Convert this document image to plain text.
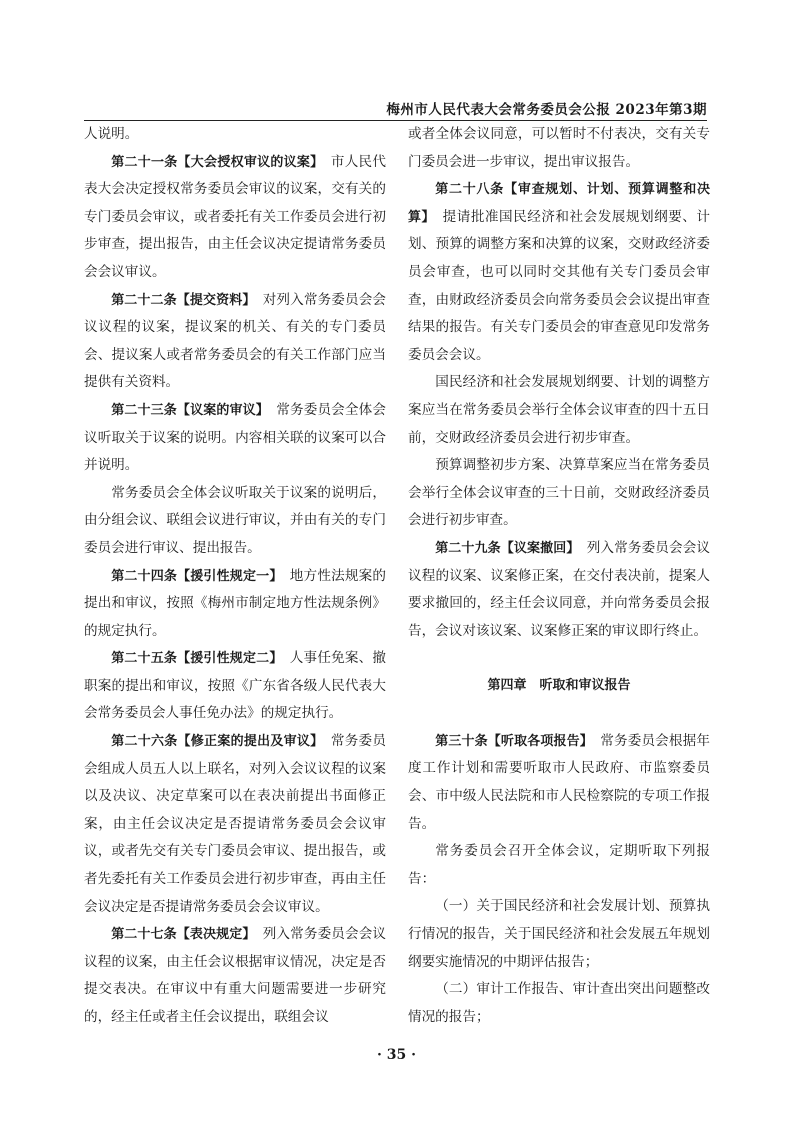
梅州市人民代表大会常务委员会公报 2023年第3期

人说明。

第二十一条【大会授权审议的议案】　 市人民代表大会决定授权常务委员会审议的议案，交有关的专门委员会审议，或者委托有关工作委员会进行初步审查，提出报告，由主任会议决定提请常务委员会会议审议。

第二十二条【提交资料】　 对列入常务委员会会议议程的议案，提议案的机关、有关的专门委员会、提议案人或者常务委员会的有关工作部门应当提供有关资料。

第二十三条【议案的审议】　 常务委员会全体会议听取关于议案的说明。内容相关联的议案可以合并说明。

常务委员会全体会议听取关于议案的说明后，由分组会议、联组会议进行审议，并由有关的专门委员会进行审议、提出报告。

第二十四条【援引性规定一】　 地方性法规案的提出和审议，按照《梅州市制定地方性法规条例》的规定执行。

第二十五条【援引性规定二】　 人事任免案、撤职案的提出和审议，按照《广东省各级人民代表大会常务委员会人事任免办法》的规定执行。

第二十六条【修正案的提出及审议】　 常务委员会组成人员五人以上联名，对列入会议议程的议案以及决议、决定草案可以在表决前提出书面修正案，由主任会议决定是否提请常务委员会会议审议，或者先交有关专门委员会审议、提出报告，或者先委托有关工作委员会进行初步审查，再由主任会议决定是否提请常务委员会会议审议。

第二十七条【表决规定】　 列入常务委员会会议议程的议案，由主任会议根据审议情况，决定是否提交表决。在审议中有重大问题需要进一步研究的，经主任或者主任会议提出，联组会议

或者全体会议同意，可以暂时不付表决，交有关专门委员会进一步审议，提出审议报告。

第二十八条【审查规划、计划、预算调整和决算】　 提请批准国民经济和社会发展规划纲要、计划、预算的调整方案和决算的议案，交财政经济委员会审查，也可以同时交其他有关专门委员会审查，由财政经济委员会向常务委员会会议提出审查结果的报告。有关专门委员会的审查意见印发常务委员会会议。

国民经济和社会发展规划纲要、计划的调整方案应当在常务委员会举行全体会议审查的四十五日前，交财政经济委员会进行初步审查。

预算调整初步方案、决算草案应当在常务委员会举行全体会议审查的三十日前，交财政经济委员会进行初步审查。

第二十九条【议案撤回】　 列入常务委员会会议议程的议案、议案修正案，在交付表决前，提案人要求撤回的，经主任会议同意，并向常务委员会报告，会议对该议案、议案修正案的审议即行终止。

第四章　听取和审议报告

第三十条【听取各项报告】　 常务委员会根据年度工作计划和需要听取市人民政府、市监察委员会、市中级人民法院和市人民检察院的专项工作报告。

常务委员会召开全体会议，定期听取下列报告：

（一）关于国民经济和社会发展计划、预算执行情况的报告，关于国民经济和社会发展五年规划纲要实施情况的中期评估报告；

（二）审计工作报告、审计查出突出问题整改情况的报告；

· 35 ·
